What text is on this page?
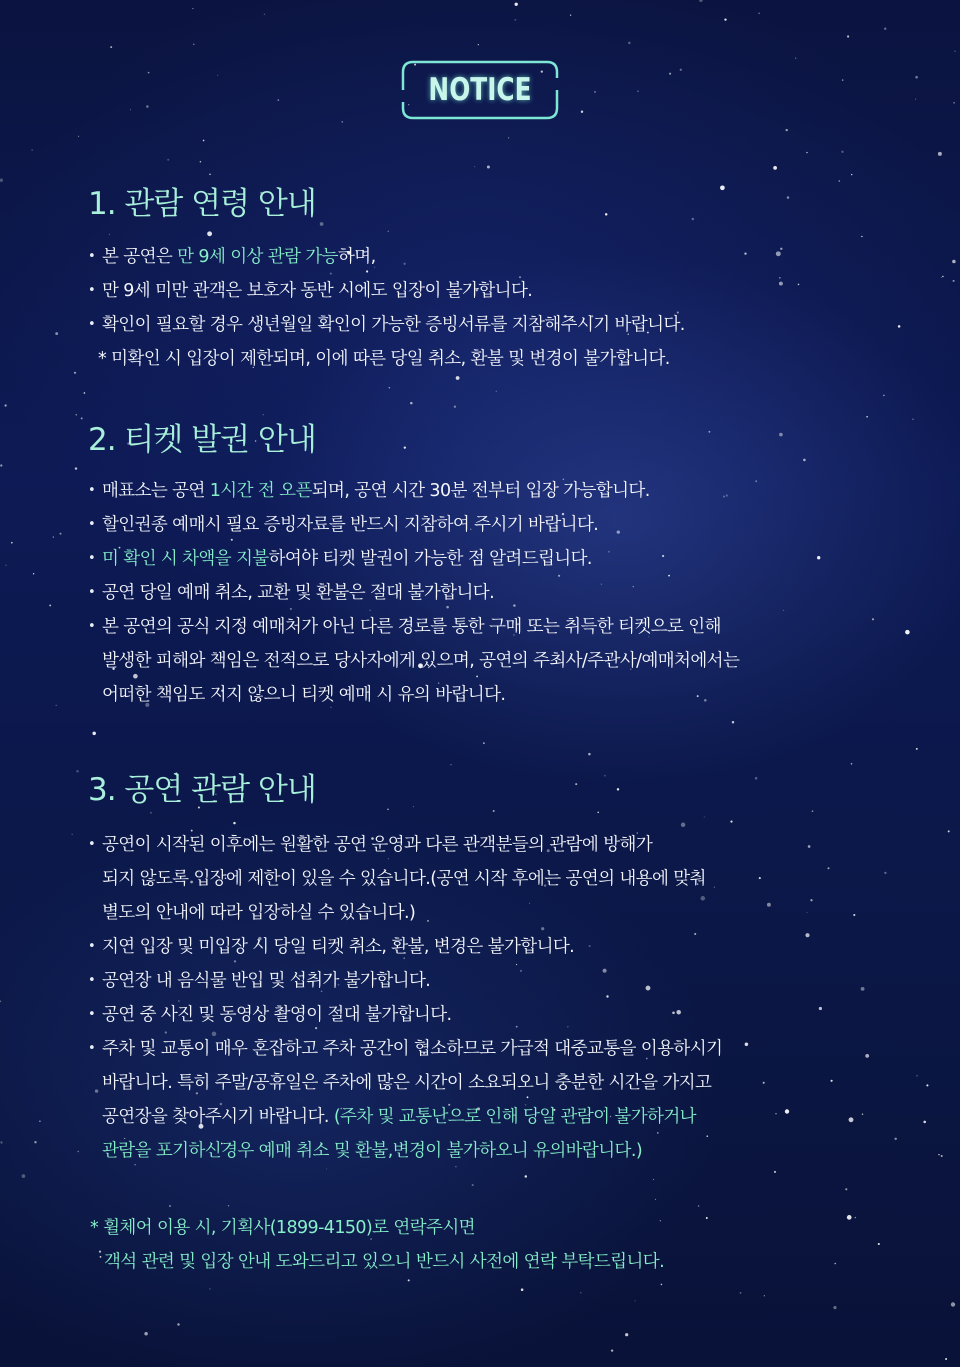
NOTICE
1. 관람 연령 안내
• 본 공연은 만 9세 이상 관람 가능하며,
• 만 9세 미만 관객은 보호자 동반 시에도 입장이 불가합니다.
• 확인이 필요할 경우 생년월일 확인이 가능한 증빙서류를 지참해주시기 바랍니다.
* 미확인 시 입장이 제한되며, 이에 따른 당일 취소, 환불 및 변경이 불가합니다.
2. 티켓 발권 안내
• 매표소는 공연 1시간 전 오픈되며, 공연 시간 30분 전부터 입장 가능합니다.
• 할인권종 예매시 필요 증빙자료를 반드시 지참하여 주시기 바랍니다.
• 미 확인 시 차액을 지불하여야 티켓 발권이 가능한 점 알려드립니다.
• 공연 당일 예매 취소, 교환 및 환불은 절대 불가합니다.
• 본 공연의 공식 지정 예매처가 아닌 다른 경로를 통한 구매 또는 취득한 티켓으로 인해
발생한 피해와 책임은 전적으로 당사자에게 있으며, 공연의 주최사/주관사/예매처에서는
어떠한 책임도 지지 않으니 티켓 예매 시 유의 바랍니다.
3. 공연 관람 안내
• 공연이 시작된 이후에는 원활한 공연 운영과 다른 관객분들의 관람에 방해가
되지 않도록 입장에 제한이 있을 수 있습니다.(공연 시작 후에는 공연의 내용에 맞춰
별도의 안내에 따라 입장하실 수 있습니다.)
• 지연 입장 및 미입장 시 당일 티켓 취소, 환불, 변경은 불가합니다.
• 공연장 내 음식물 반입 및 섭취가 불가합니다.
• 공연 중 사진 및 동영상 촬영이 절대 불가합니다.
• 주차 및 교통이 매우 혼잡하고 주차 공간이 협소하므로 가급적 대중교통을 이용하시기
바랍니다. 특히 주말/공휴일은 주차에 많은 시간이 소요되오니 충분한 시간을 가지고
공연장을 찾아주시기 바랍니다. (주차 및 교통난으로 인해 당일 관람이 불가하거나
관람을 포기하신경우 예매 취소 및 환불,변경이 불가하오니 유의바랍니다.)
* 휠체어 이용 시, 기획사(1899-4150)로 연락주시면
객석 관련 및 입장 안내 도와드리고 있으니 반드시 사전에 연락 부탁드립니다.
